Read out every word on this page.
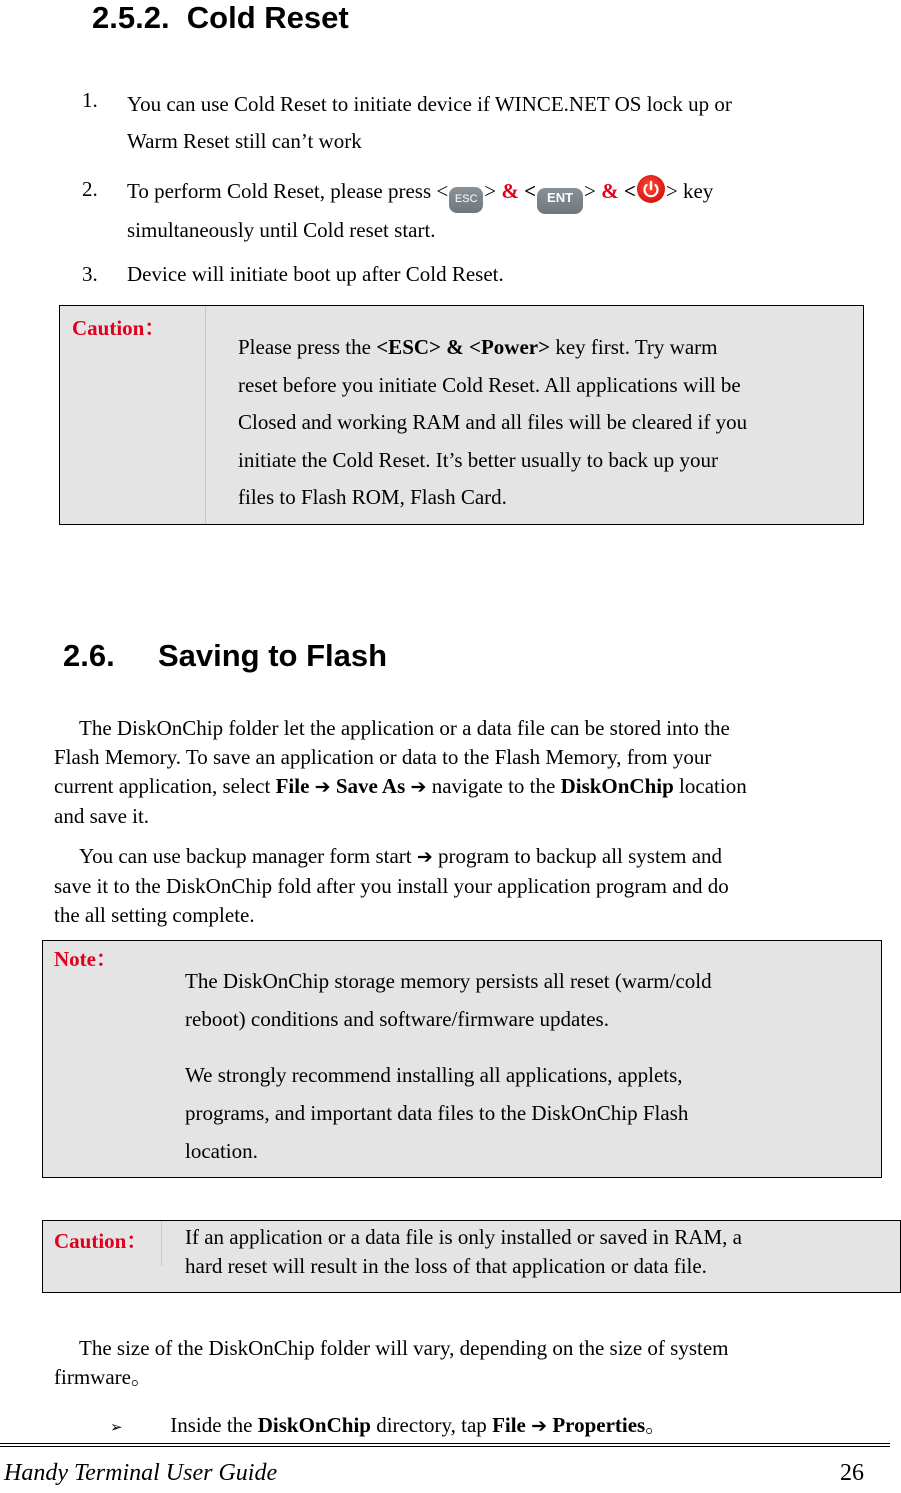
2.5.2. Cold Reset
1. You can use Cold Reset to initiate device if WINCE.NET OS lock up or
Warm Reset still can’t work
2. To perform Cold Reset, please press < ESC > & < ENT > & < > key
simultaneously until Cold reset start.
3. Device will initiate boot up after Cold Reset.
Caution：
Please press the <ESC> & <Power> key first. Try warm
reset before you initiate Cold Reset. All applications will be
Closed and working RAM and all files will be cleared if you
initiate the Cold Reset. It’s better usually to back up your
files to Flash ROM, Flash Card.
2.6. Saving to Flash
The DiskOnChip folder let the application or a data file can be stored into the
Flash Memory. To save an application or data to the Flash Memory, from your
current application, select File ➔ Save As ➔ navigate to the DiskOnChip location
and save it.
You can use backup manager form start ➔ program to backup all system and
save it to the DiskOnChip fold after you install your application program and do
the all setting complete.
Note：
The DiskOnChip storage memory persists all reset (warm/cold
reboot) conditions and software/firmware updates.
We strongly recommend installing all applications, applets,
programs, and important data files to the DiskOnChip Flash
location.
Caution： If an application or a data file is only installed or saved in RAM, a
hard reset will result in the loss of that application or data file.
The size of the DiskOnChip folder will vary, depending on the size of system
firmware。
➢ Inside the DiskOnChip directory, tap File ➔ Properties。
Handy Terminal User Guide	26
